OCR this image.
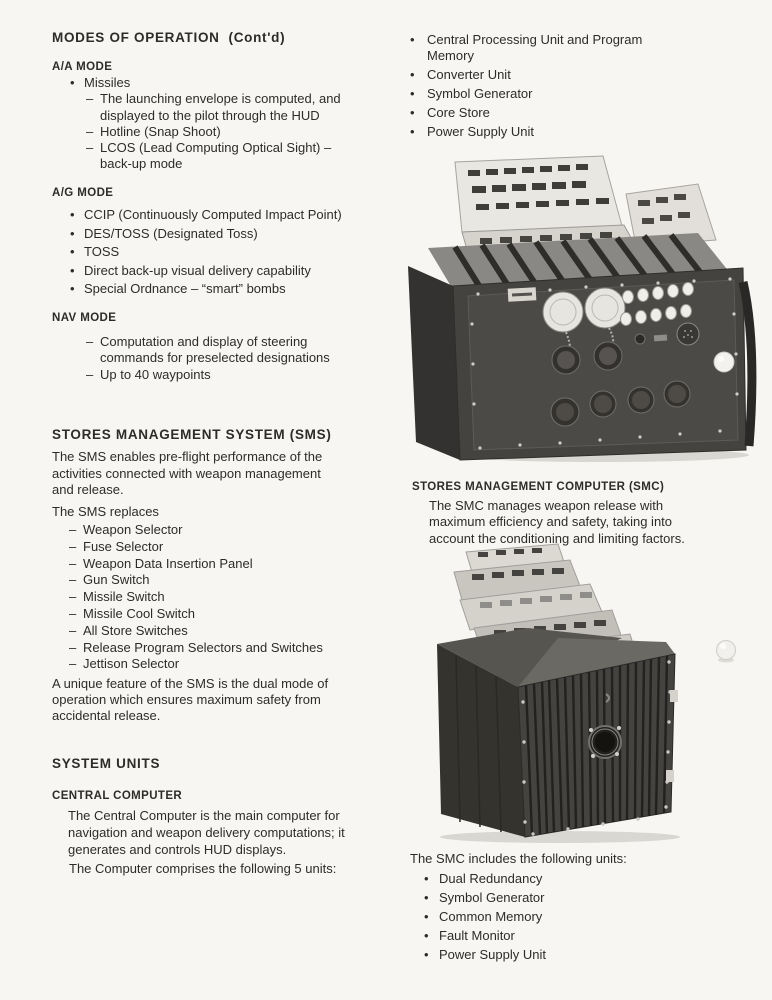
MODES OF OPERATION  (Cont'd)
A/A MODE
• Missiles
– The launching envelope is computed, and
displayed to the pilot through the HUD
– Hotline (Snap Shoot)
– LCOS (Lead Computing Optical Sight) –
back-up mode
A/G MODE
• CCIP (Continuously Computed Impact Point)
• DES/TOSS (Designated Toss)
• TOSS
• Direct back-up visual delivery capability
• Special Ordnance – “smart” bombs
NAV MODE
– Computation and display of steering
commands for preselected designations
– Up to 40 waypoints
STORES MANAGEMENT SYSTEM (SMS)
The SMS enables pre-flight performance of the
activities connected with weapon management
and release.
The SMS replaces
– Weapon Selector
– Fuse Selector
– Weapon Data Insertion Panel
– Gun Switch
– Missile Switch
– Missile Cool Switch
– All Store Switches
– Release Program Selectors and Switches
– Jettison Selector
A unique feature of the SMS is the dual mode of
operation which ensures maximum safety from
accidental release.
SYSTEM UNITS
CENTRAL COMPUTER
The Central Computer is the main computer for
navigation and weapon delivery computations; it
generates and controls HUD displays.
The Computer comprises the following 5 units:
• Central Processing Unit and Program
Memory
• Converter Unit
• Symbol Generator
• Core Store
• Power Supply Unit
STORES MANAGEMENT COMPUTER (SMC)
The SMC manages weapon release with
maximum efficiency and safety, taking into
account the conditioning and limiting factors.
The SMC includes the following units:
• Dual Redundancy
• Symbol Generator
• Common Memory
• Fault Monitor
• Power Supply Unit
